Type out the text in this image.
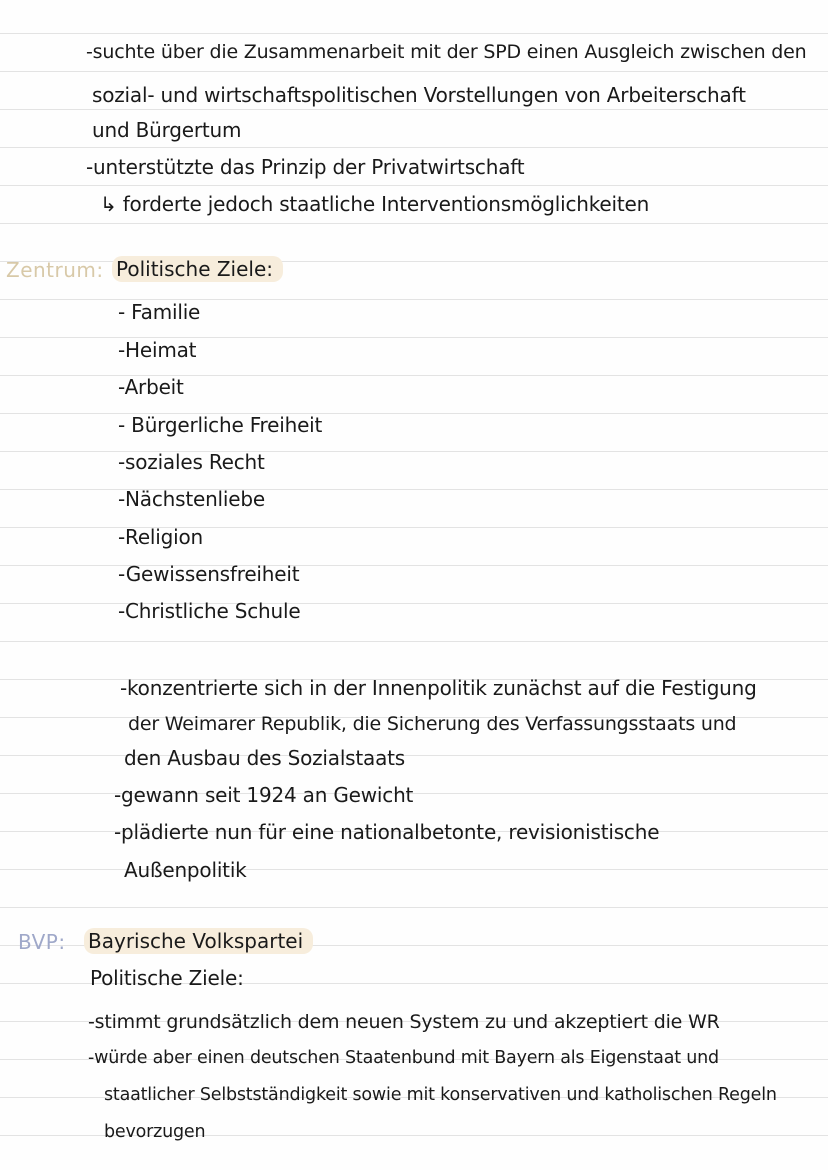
-suchte über die Zusammenarbeit mit der SPD einen Ausgleich zwischen den
sozial- und wirtschaftspolitischen Vorstellungen von Arbeiterschaft
und Bürgertum
-unterstützte das Prinzip der Privatwirtschaft
↳ forderte jedoch staatliche Interventionsmöglichkeiten
Zentrum: Politische Ziele:
- Familie
-Heimat
-Arbeit
- Bürgerliche Freiheit
-soziales Recht
-Nächstenliebe
-Religion
-Gewissensfreiheit
-Christliche Schule
-konzentrierte sich in der Innenpolitik zunächst auf die Festigung
der Weimarer Republik, die Sicherung des Verfassungsstaats und
den Ausbau des Sozialstaats
-gewann seit 1924 an Gewicht
-plädierte nun für eine nationalbetonte, revisionistische
Außenpolitik
BVP: Bayrische Volkspartei
Politische Ziele:
-stimmt grundsätzlich dem neuen System zu und akzeptiert die WR
-würde aber einen deutschen Staatenbund mit Bayern als Eigenstaat und
staatlicher Selbstständigkeit sowie mit konservativen und katholischen Regeln
bevorzugen
